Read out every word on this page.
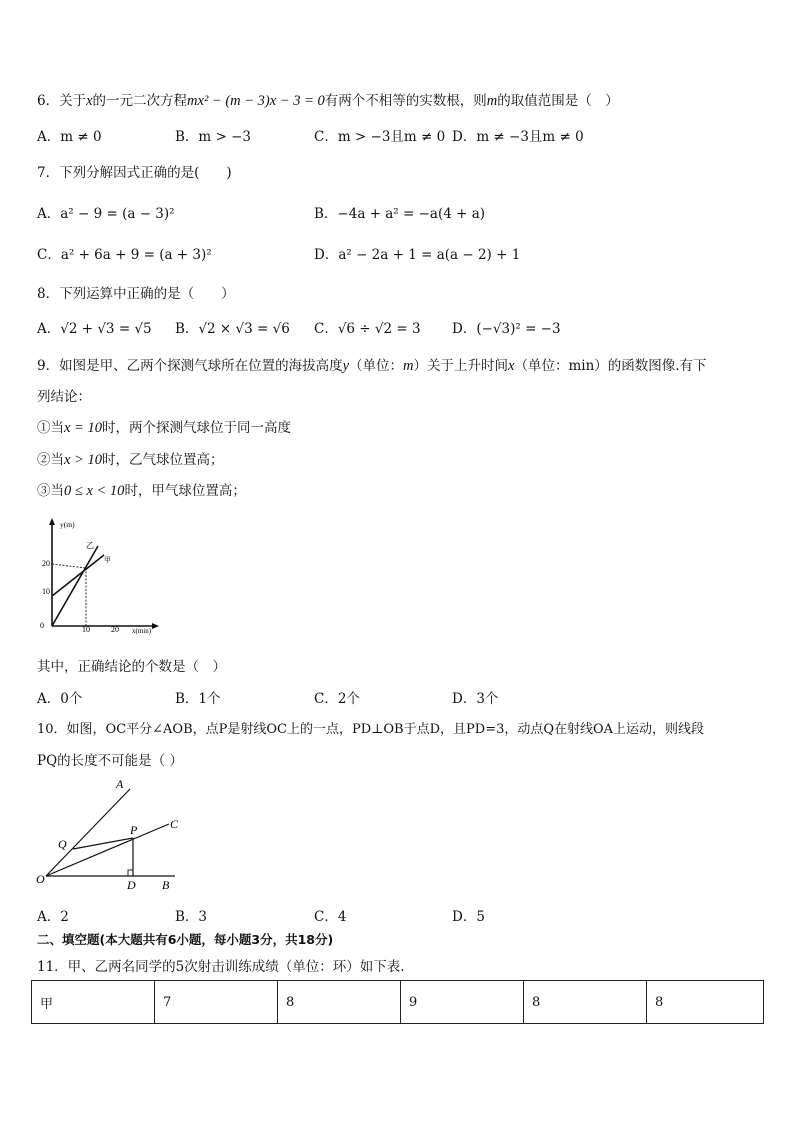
6．关于x的一元二次方程mx² − (m − 3)x − 3 = 0有两个不相等的实数根，则m的取值范围是（　）
A．m ≠ 0	B．m > −3	C．m > −3且m ≠ 0 D．m ≠ −3且m ≠ 0
7．下列分解因式正确的是(　　)
A．a² − 9 = (a − 3)²	B．−4a + a² = −a(4 + a)
C．a² + 6a + 9 = (a + 3)²	D．a² − 2a + 1 = a(a − 2) + 1
8．下列运算中正确的是（　　）
A．√2 + √3 = √5 B．√2 × √3 = √6 C．√6 ÷ √2 = 3 D．(−√3)² = −3
9．如图是甲、乙两个探测气球所在位置的海拔高度y（单位：m）关于上升时间x（单位：min）的函数图像.有下
列结论：
①当x = 10时，两个探测气球位于同一高度
②当x > 10时，乙气球位置高；
③当0 ≤ x < 10时，甲气球位置高；
y(m)
x(min)
20
10
0	10	20
乙
甲
其中，正确结论的个数是（　）
A．0个	B．1个	C．2个	D．3个
10．如图，OC平分∠AOB，点P是射线OC上的一点，PD⊥OB于点D，且PD=3，动点Q在射线OA上运动，则线段
PQ的长度不可能是（ ）
A
C
P
Q
O	D B
A．2	B．3	C．4	D．5
二、填空题(本大题共有6小题，每小题3分，共18分)
11．甲、乙两名同学的5次射击训练成绩（单位：环）如下表.
甲	7	8	9	8	8
